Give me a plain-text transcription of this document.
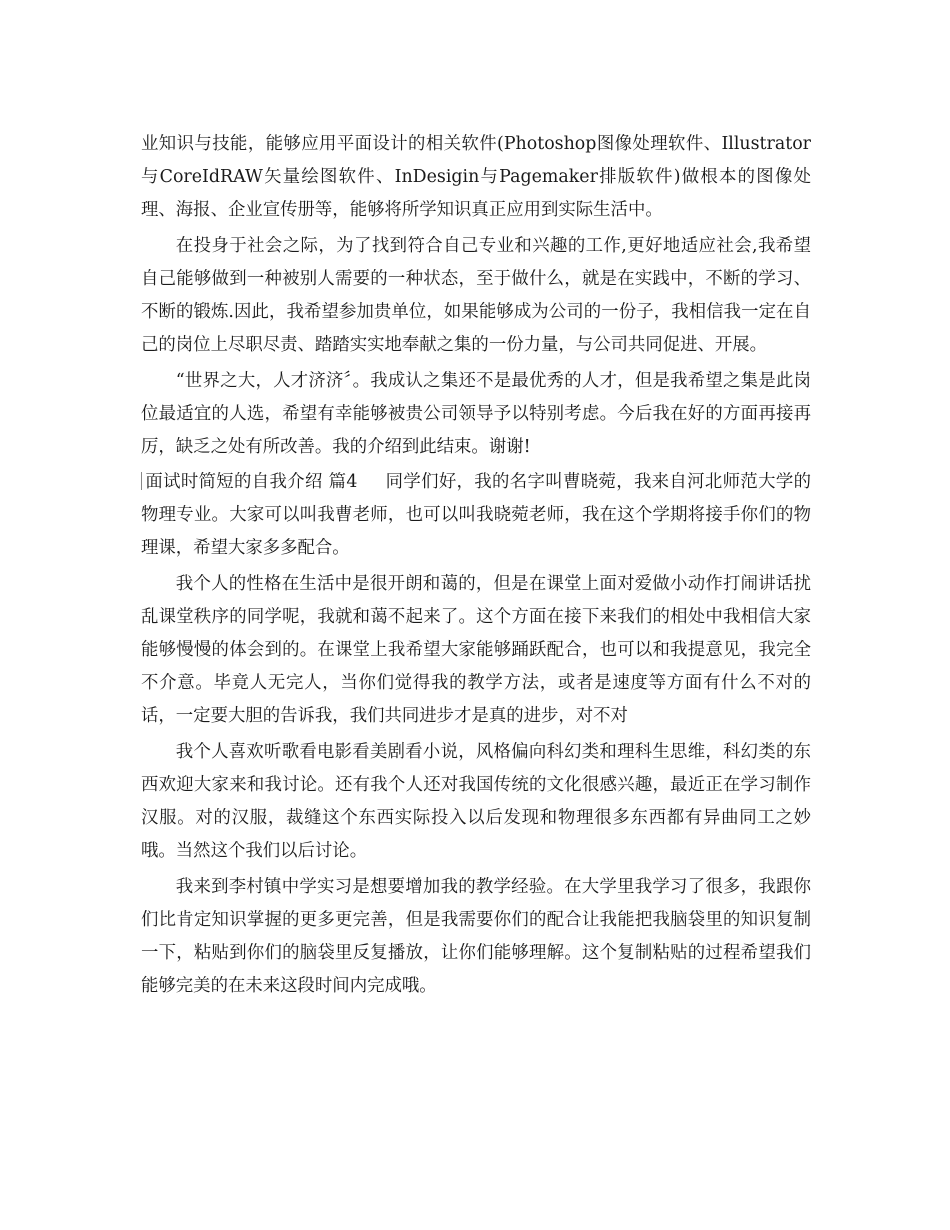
业知识与技能，能够应用平面设计的相关软件(Photoshop图像处理软件、Illustrator与CoreIdRAW矢量绘图软件、InDesigin与Pagemaker排版软件)做根本的图像处理、海报、企业宣传册等，能够将所学知识真正应用到实际生活中。

在投身于社会之际，为了找到符合自己专业和兴趣的工作,更好地适应社会,我希望自己能够做到一种被别人需要的一种状态，至于做什么，就是在实践中，不断的学习、不断的锻炼.因此，我希望参加贵单位，如果能够成为公司的一份子，我相信我一定在自己的岗位上尽职尽责、踏踏实实地奉献之集的一份力量，与公司共同促进、开展。

“世界之大，人才济济〞。我成认之集还不是最优秀的人才，但是我希望之集是此岗位最适宜的人选，希望有幸能够被贵公司领导予以特别考虑。今后我在好的方面再接再厉，缺乏之处有所改善。我的介绍到此结束。谢谢!

面试时简短的自我介绍 篇4 同学们好，我的名字叫曹晓菀，我来自河北师范大学的物理专业。大家可以叫我曹老师，也可以叫我晓菀老师，我在这个学期将接手你们的物理课，希望大家多多配合。

我个人的性格在生活中是很开朗和蔼的，但是在课堂上面对爱做小动作打闹讲话扰乱课堂秩序的同学呢，我就和蔼不起来了。这个方面在接下来我们的相处中我相信大家能够慢慢的体会到的。在课堂上我希望大家能够踊跃配合，也可以和我提意见，我完全不介意。毕竟人无完人，当你们觉得我的教学方法，或者是速度等方面有什么不对的话，一定要大胆的告诉我，我们共同进步才是真的进步，对不对

我个人喜欢听歌看电影看美剧看小说，风格偏向科幻类和理科生思维，科幻类的东西欢迎大家来和我讨论。还有我个人还对我国传统的文化很感兴趣，最近正在学习制作汉服。对的汉服，裁缝这个东西实际投入以后发现和物理很多东西都有异曲同工之妙哦。当然这个我们以后讨论。

我来到李村镇中学实习是想要增加我的教学经验。在大学里我学习了很多，我跟你们比肯定知识掌握的更多更完善，但是我需要你们的配合让我能把我脑袋里的知识复制一下，粘贴到你们的脑袋里反复播放，让你们能够理解。这个复制粘贴的过程希望我们能够完美的在未来这段时间内完成哦。
